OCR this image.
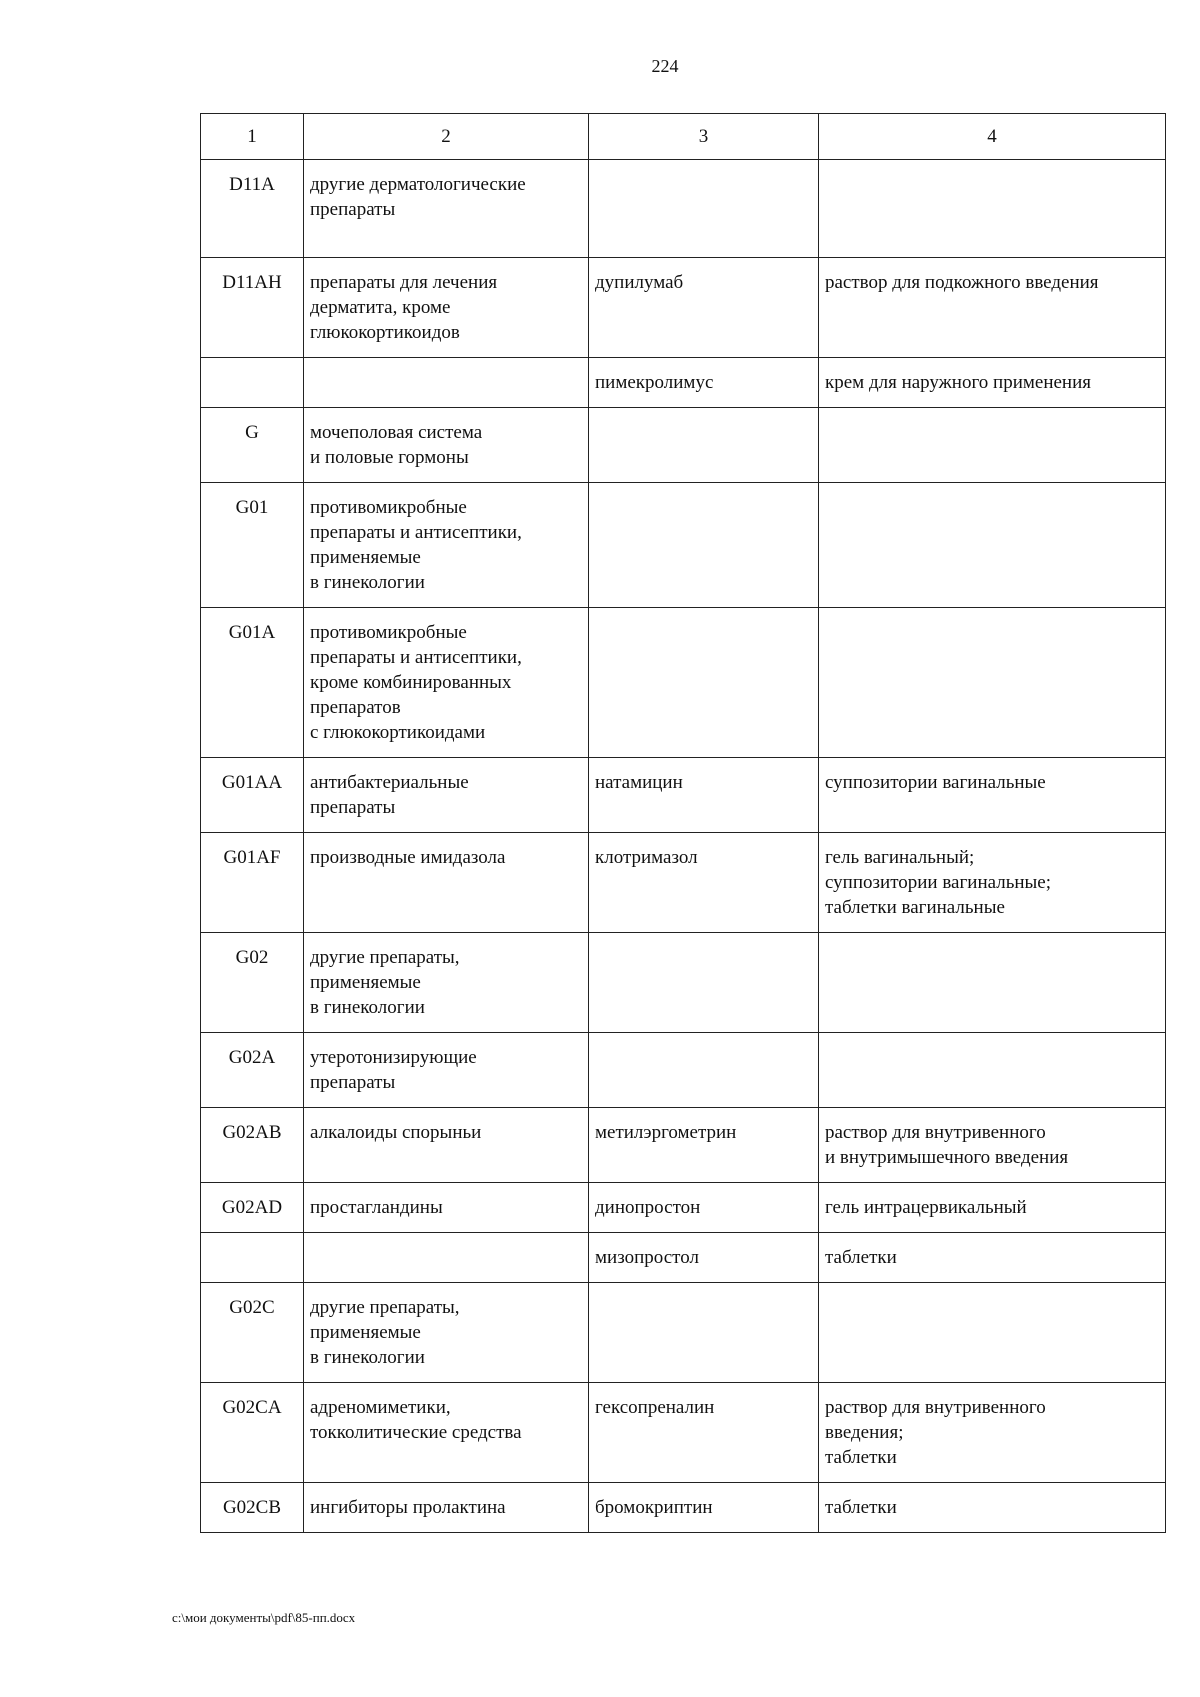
224
1	2	3	4
D11A	другие дерматологические
препараты		
D11AH	препараты для лечения
дерматита, кроме
глюкокортикоидов	дупилумаб	раствор для подкожного введения
		пимекролимус	крем для наружного применения
G	мочеполовая система
и половые гормоны		
G01	противомикробные
препараты и антисептики,
применяемые
в гинекологии		
G01A	противомикробные
препараты и антисептики,
кроме комбинированных
препаратов
с глюкокортикоидами		
G01AA	антибактериальные
препараты	натамицин	суппозитории вагинальные
G01AF	производные имидазола	клотримазол	гель вагинальный;
суппозитории вагинальные;
таблетки вагинальные
G02	другие препараты,
применяемые
в гинекологии		
G02A	утеротонизирующие
препараты		
G02AB	алкалоиды спорыньи	метилэргометрин	раствор для внутривенного
и внутримышечного введения
G02AD	простагландины	динопростон	гель интрацервикальный
		мизопростол	таблетки
G02C	другие препараты,
применяемые
в гинекологии		
G02CA	адреномиметики,
токколитические средства	гексопреналин	раствор для внутривенного
введения;
таблетки
G02CB	ингибиторы пролактина	бромокриптин	таблетки
с:\мои документы\pdf\85-пп.docx
